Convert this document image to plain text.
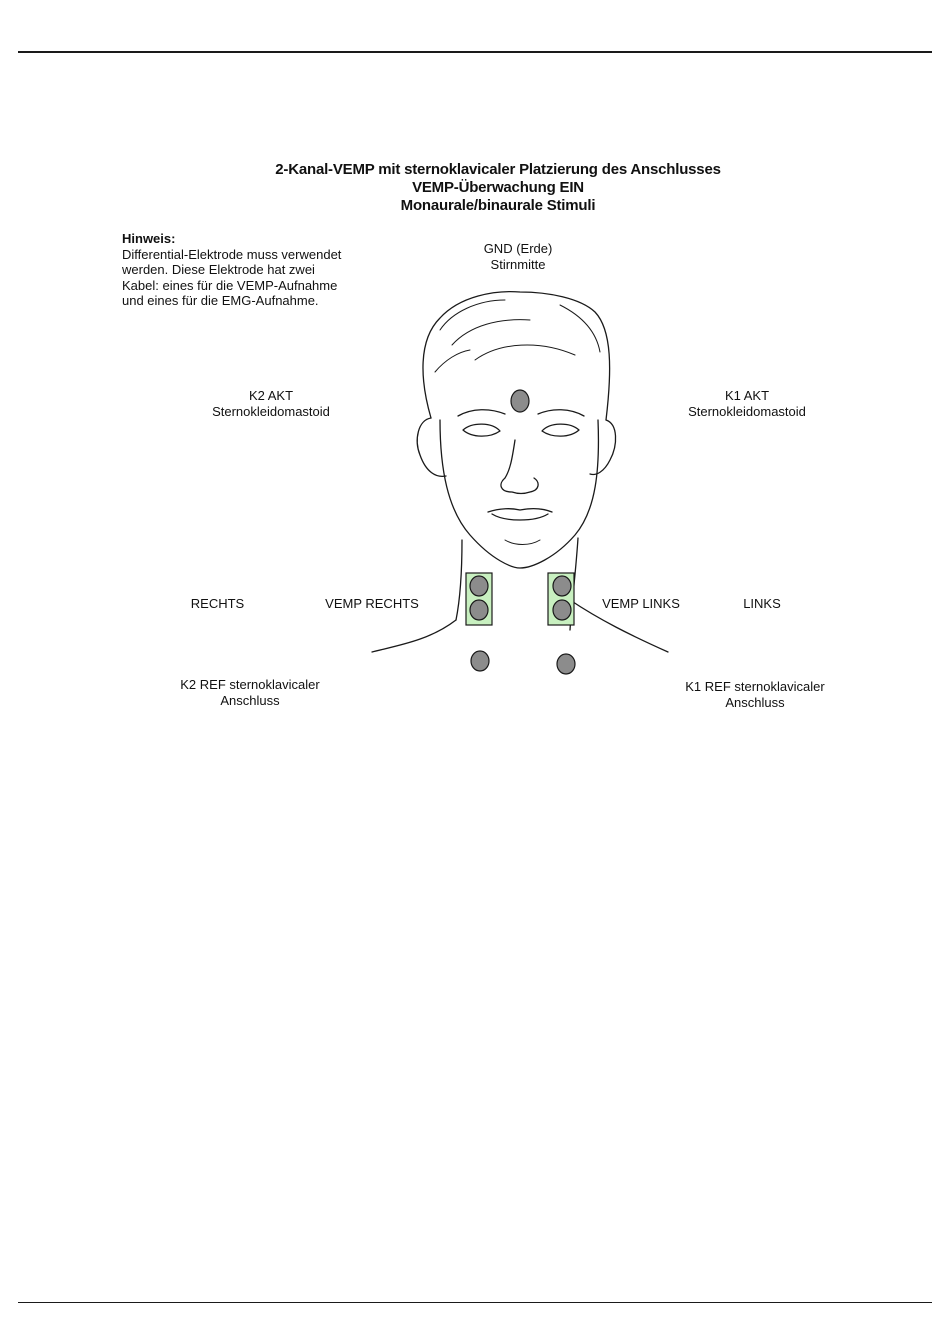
2-Kanal-VEMP mit sternoklavicaler Platzierung des Anschlusses
VEMP-Überwachung EIN
Monaurale/binaurale Stimuli
Hinweis:
Differential-Elektrode muss verwendet
werden. Diese Elektrode hat zwei
Kabel: eines für die VEMP-Aufnahme
und eines für die EMG-Aufnahme.
GND (Erde)
Stirnmitte
K2 AKT
Sternokleidomastoid
K1 AKT
Sternokleidomastoid
RECHTS	VEMP RECHTS	VEMP LINKS	LINKS
K2 REF sternoklavicaler
Anschluss
K1 REF sternoklavicaler
Anschluss
